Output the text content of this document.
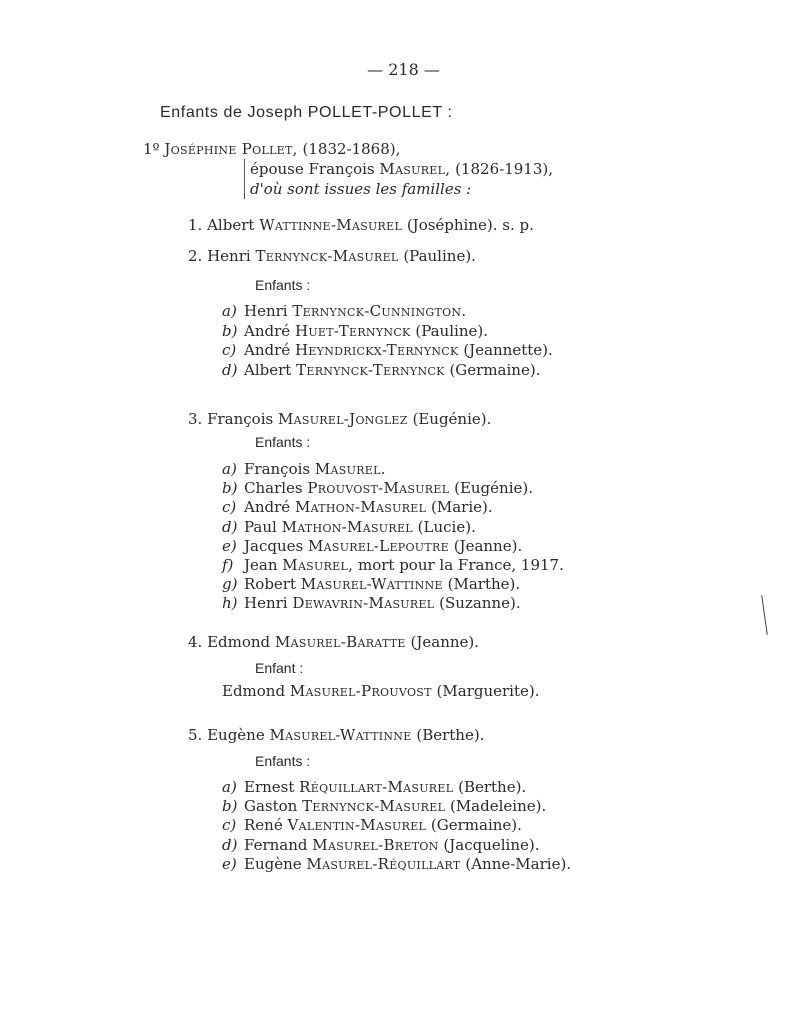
— 218 —
Enfants de Joseph POLLET-POLLET :
1º Joséphine Pollet, (1832-1868),
épouse François Masurel, (1826-1913),
d'où sont issues les familles :
1. Albert Wattinne-Masurel (Joséphine). s. p.
2. Henri Ternynck-Masurel (Pauline).
Enfants :
a) Henri Ternynck-Cunnington.
b) André Huet-Ternynck (Pauline).
c) André Heyndrickx-Ternynck (Jeannette).
d) Albert Ternynck-Ternynck (Germaine).
3. François Masurel-Jonglez (Eugénie).
Enfants :
a) François Masurel.
b) Charles Prouvost-Masurel (Eugénie).
c) André Mathon-Masurel (Marie).
d) Paul Mathon-Masurel (Lucie).
e) Jacques Masurel-Lepoutre (Jeanne).
f) Jean Masurel, mort pour la France, 1917.
g) Robert Masurel-Wattinne (Marthe).
h) Henri Dewavrin-Masurel (Suzanne).
4. Edmond Masurel-Baratte (Jeanne).
Enfant :
Edmond Masurel-Prouvost (Marguerite).
5. Eugène Masurel-Wattinne (Berthe).
Enfants :
a) Ernest Réquillart-Masurel (Berthe).
b) Gaston Ternynck-Masurel (Madeleine).
c) René Valentin-Masurel (Germaine).
d) Fernand Masurel-Breton (Jacqueline).
e) Eugène Masurel-Réquillart (Anne-Marie).
